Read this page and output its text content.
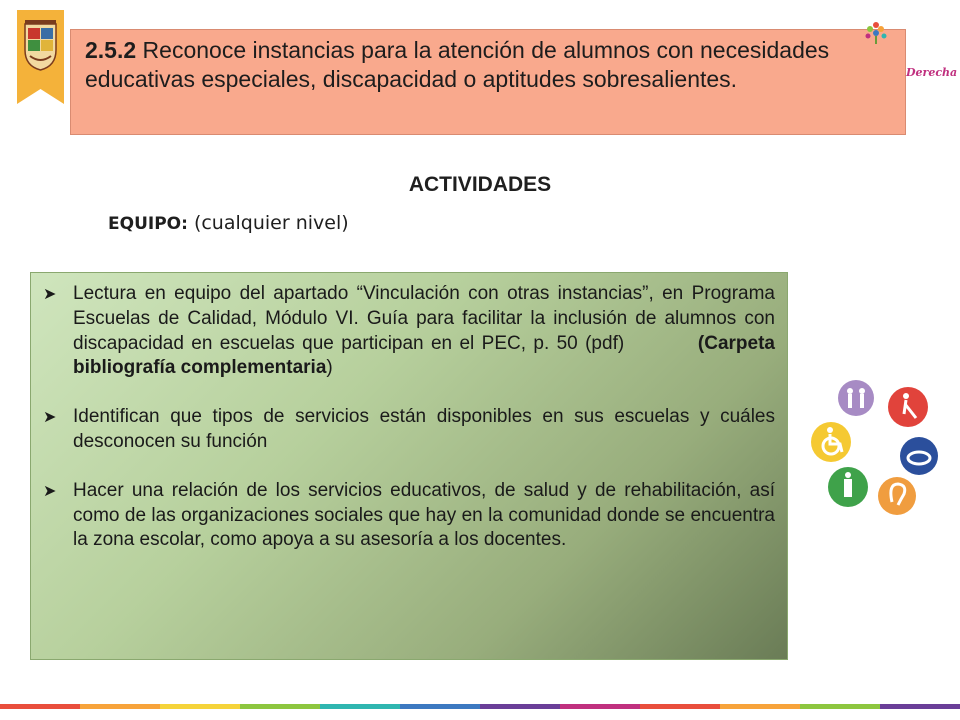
2.5.2 Reconoce instancias para la atención de alumnos con necesidades educativas especiales, discapacidad o aptitudes sobresalientes.	Derecha
ACTIVIDADES
EQUIPO: (cualquier nivel)
➤ Lectura en equipo del apartado “Vinculación con otras instancias”, en Programa Escuelas de Calidad, Módulo VI. Guía para facilitar la inclusión de alumnos con discapacidad en escuelas que participan en el PEC, p. 50 (pdf)	(Carpeta bibliografía complementaria)
➤ Identifican que tipos de servicios están disponibles en sus escuelas y cuáles desconocen su función
➤ Hacer una relación de los servicios educativos, de salud y de rehabilitación, así como de las organizaciones sociales que hay en la comunidad donde se encuentra la zona escolar, como apoya a su asesoría a los docentes.
